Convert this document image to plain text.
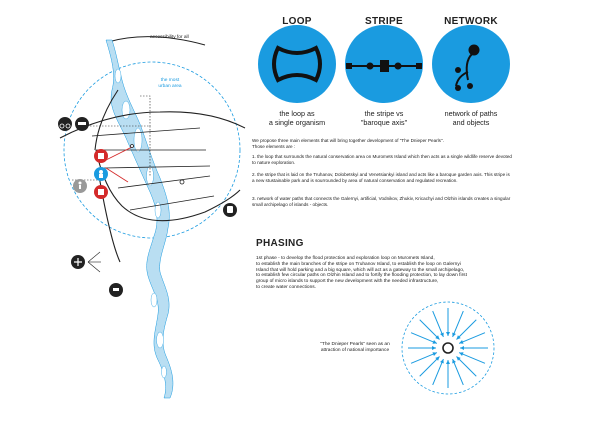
accessibility for all
the most
urban area
LOOP	STRIPE	NETWORK
the loop as
a single organism
the stripe vs
"baroque axis"
network of paths
and objects
We propose three main elements that will bring together development of "The Dnieper Pearls".
Those elements are :
1. the loop that surrounds the natural conservation area on Muromets Island which then acts as a single wildlife reserve devoted to nature exploration.
2. the stripe that is laid on the Truhanov, Dolobetskyi and Venetsiankyi island and acts like a baroque garden axis. This stripe is a new stustainable park and is sourrounded by area of natural conservation and regulated recreation.
3. network of water paths that connects the Galernyi, artificial, Vodnikov, Zhukiv, Kricachyi and Olzhin islands creates a singular small archipelago of islands - objects.
PHASING
1st phase - to develop the flood protection and exploration loop on Muromets Island,
to establish the main branches of the stripe on Truhanov Island, to establish the loop on Galernyi
Island that will hold parking and a big square, which will act as a gateway to the small archipelago,
to establish few circular paths on Olzhin Island and to fortify the flooding protection, to lay down first
group of micro islands to support the new development with the needed infrastructure,
to create water connections.
"The Dnieper Pearls" seen as an
attraction of national importance
